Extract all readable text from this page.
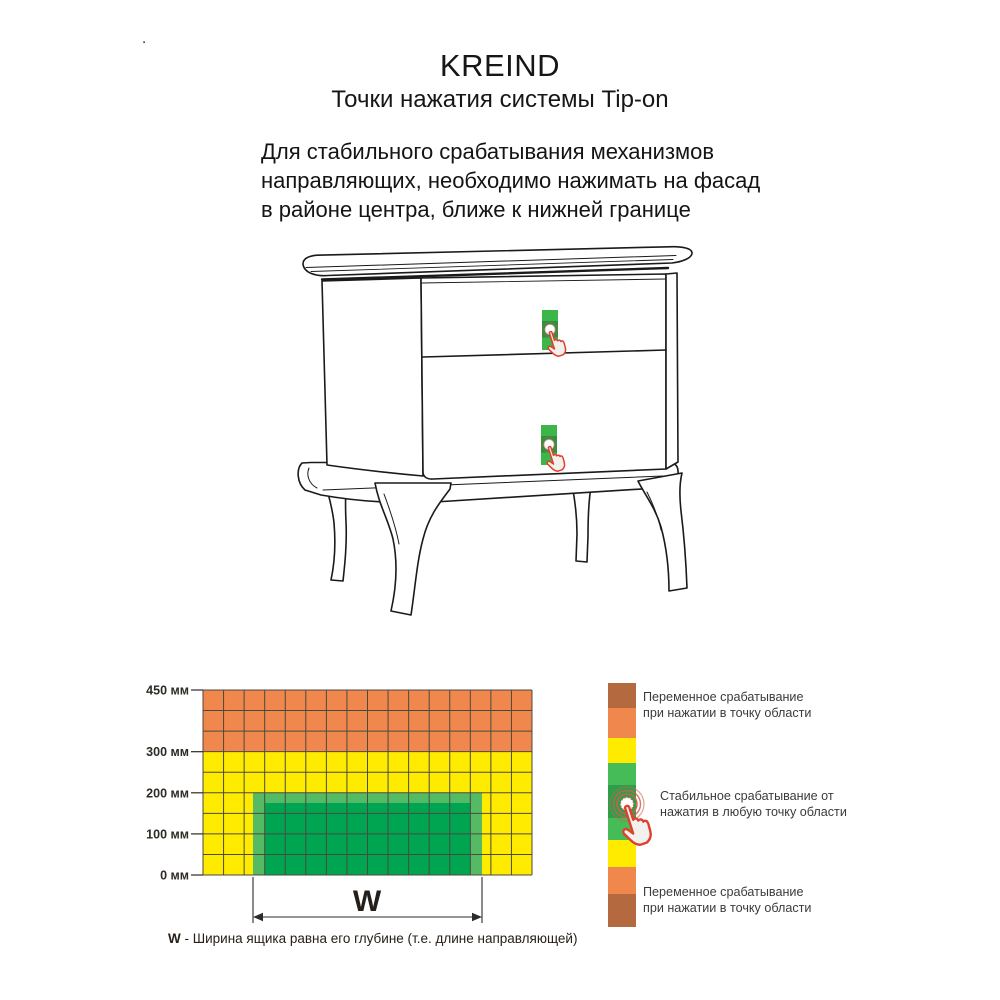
.
KREIND
Точки нажатия системы Tip-on
Для стабильного срабатывания механизмов
направляющих, необходимо нажимать на фасад
в районе центра, ближе к нижней границе
450 мм
300 мм
200 мм
100 мм
0 мм
W
W - Ширина ящика равна его глубине (т.е. длине направляющей)
Переменное срабатывание
при нажатии в точку области
Стабильное срабатывание от
нажатия в любую точку области
Переменное срабатывание
при нажатии в точку области
